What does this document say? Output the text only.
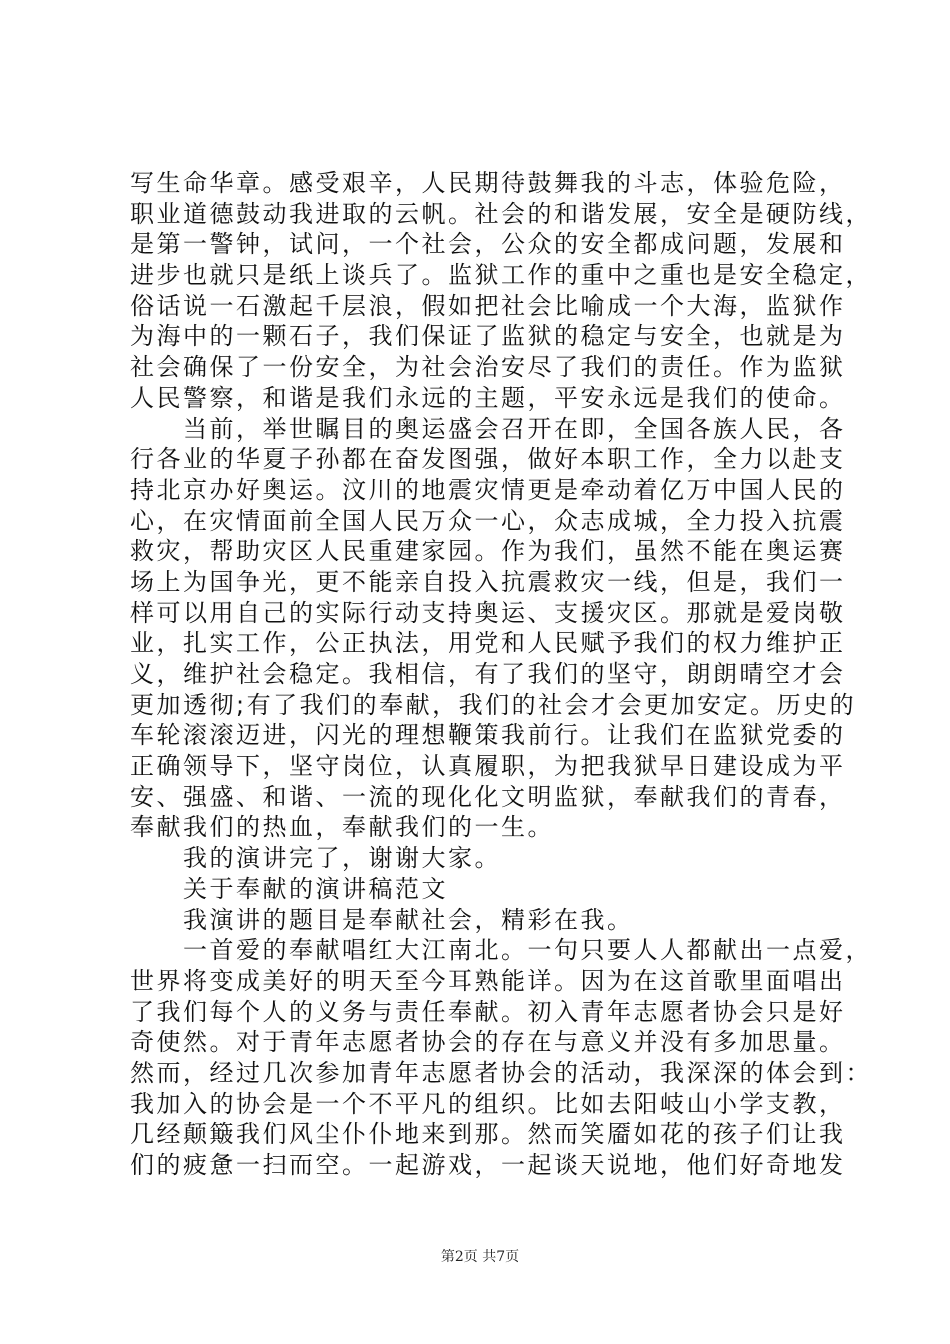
写生命华章。感受艰辛，人民期待鼓舞我的斗志，体验危险，
职业道德鼓动我进取的云帆。社会的和谐发展，安全是硬防线，
是第一警钟，试问，一个社会，公众的安全都成问题，发展和
进步也就只是纸上谈兵了。监狱工作的重中之重也是安全稳定，
俗话说一石激起千层浪，假如把社会比喻成一个大海，监狱作
为海中的一颗石子，我们保证了监狱的稳定与安全，也就是为
社会确保了一份安全，为社会治安尽了我们的责任。作为监狱
人民警察，和谐是我们永远的主题，平安永远是我们的使命。
当前，举世瞩目的奥运盛会召开在即，全国各族人民，各
行各业的华夏子孙都在奋发图强，做好本职工作，全力以赴支
持北京办好奥运。汶川的地震灾情更是牵动着亿万中国人民的
心，在灾情面前全国人民万众一心，众志成城，全力投入抗震
救灾，帮助灾区人民重建家园。作为我们，虽然不能在奥运赛
场上为国争光，更不能亲自投入抗震救灾一线，但是，我们一
样可以用自己的实际行动支持奥运、支援灾区。那就是爱岗敬
业，扎实工作，公正执法，用党和人民赋予我们的权力维护正
义，维护社会稳定。我相信，有了我们的坚守，朗朗晴空才会
更加透彻;有了我们的奉献，我们的社会才会更加安定。历史的
车轮滚滚迈进，闪光的理想鞭策我前行。让我们在监狱党委的
正确领导下，坚守岗位，认真履职，为把我狱早日建设成为平
安、强盛、和谐、一流的现化化文明监狱，奉献我们的青春，
奉献我们的热血，奉献我们的一生。
我的演讲完了，谢谢大家。
关于奉献的演讲稿范文
我演讲的题目是奉献社会，精彩在我。
一首爱的奉献唱红大江南北。一句只要人人都献出一点爱，
世界将变成美好的明天至今耳熟能详。因为在这首歌里面唱出
了我们每个人的义务与责任奉献。初入青年志愿者协会只是好
奇使然。对于青年志愿者协会的存在与意义并没有多加思量。
然而，经过几次参加青年志愿者协会的活动，我深深的体会到：
我加入的协会是一个不平凡的组织。比如去阳岐山小学支教，
几经颠簸我们风尘仆仆地来到那。然而笑靥如花的孩子们让我
们的疲惫一扫而空。一起游戏，一起谈天说地，他们好奇地发
第2页 共7页
